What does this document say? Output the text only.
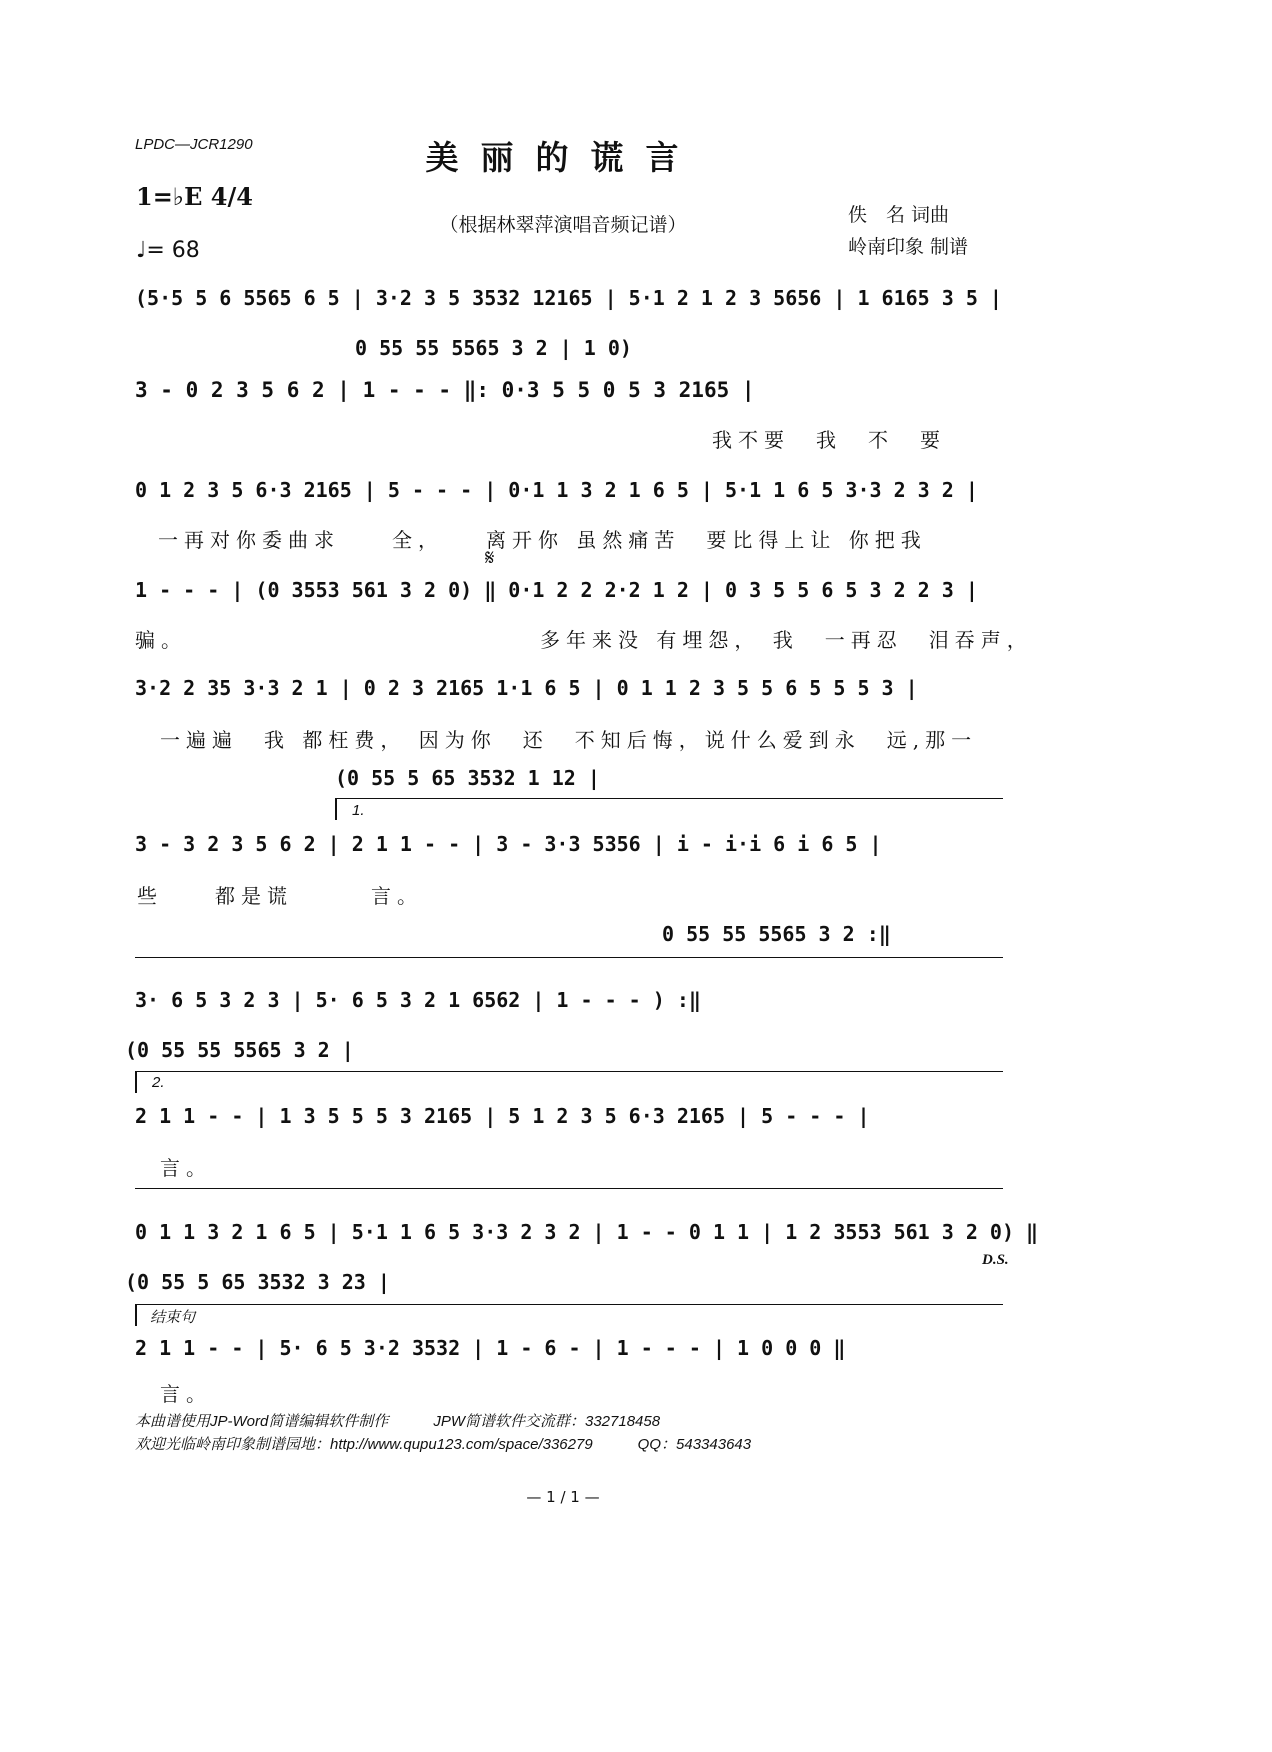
LPDC—JCR1290	美丽的谎言
（根据林翠萍演唱音频记谱）
1=♭E 4/4
♩= 68
佚　名 词曲
岭南印象 制谱
(5·5 5 6 5565 6 5 | 3·2 3 5 3532 12165 | 5·1 2 1 2 3 5656 | 1 6165 3 5 |
0 55 55 5565 3 2 | 1 0)
3 - 0 2 3 5 6 2 | 1 - - - ‖: 0·3 5 5 0 5 3 2165 |
我不要　我　不　要
0 1 2 3 5 6·3 2165 | 5 - - - | 0·1 1 3 2 1 6 5 | 5·1 1 6 5 3·3 2 3 2 |
一再对你委曲求　　全，　　离开你 虽然痛苦　要比得上让 你把我
𝄋
1 - - - | (0 3553 561 3 2 0) ‖ 0·1 2 2 2·2 1 2 | 0 3 5 5 6 5 3 2 2 3 |
骗。	多年来没 有埋怨， 我　一再忍　泪吞声，
3·2 2 35 3·3 2 1 | 0 2 3 2165 1·1 6 5 | 0 1 1 2 3 5 5 6 5 5 5 3 |
一遍遍　我 都枉费， 因为你　还　不知后悔，说什么爱到永　远,那一
(0 55 5 65 3532 1 12 |
1.
3 - 3 2 3 5 6 2 | 2 1 1 - - | 3 - 3·3 5356 | i - i·i 6 i 6 5 |
些　　都是谎　　　言。
0 55 55 5565 3 2 :‖
3· 6 5 3 2 3 | 5· 6 5 3 2 1 6562 | 1 - - - ) :‖
(0 55 55 5565 3 2 |
2.
2 1 1 - - | 1 3 5 5 5 3 2165 | 5 1 2 3 5 6·3 2165 | 5 - - - |
言。
0 1 1 3 2 1 6 5 | 5·1 1 6 5 3·3 2 3 2 | 1 - - 0 1 1 | 1 2 3553 561 3 2 0) ‖
D.S.
(0 55 5 65 3532 3 23 |
结束句
2 1 1 - - | 5· 6 5 3·2 3532 | 1 - 6 - | 1 - - - | 1 0 0 0 ‖
言。
本曲谱使用JP-Word简谱编辑软件制作　　　JPW简谱软件交流群：332718458
欢迎光临岭南印象制谱园地：http://www.qupu123.com/space/336279　　　QQ：543343643
— 1 / 1 —
